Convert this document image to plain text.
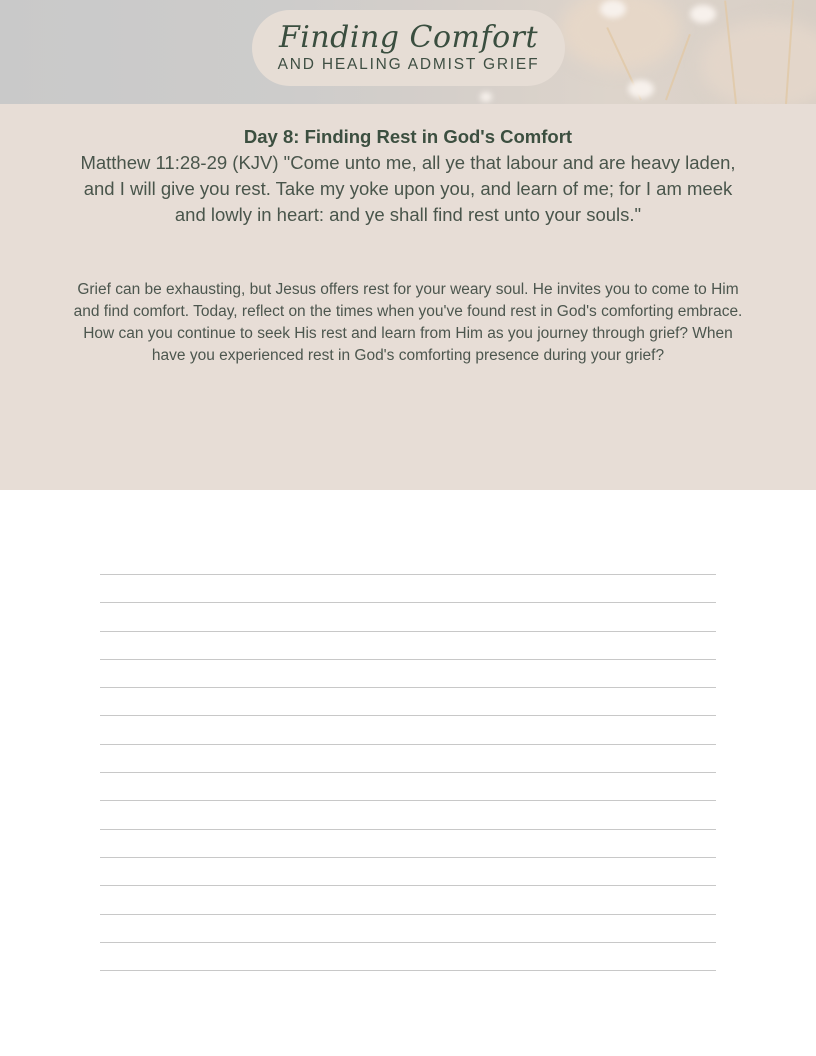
Finding Comfort
AND HEALING ADMIST GRIEF
Day 8: Finding Rest in God's Comfort
Matthew 11:28-29 (KJV) "Come unto me, all ye that labour and are heavy laden, and I will give you rest. Take my yoke upon you, and learn of me; for I am meek and lowly in heart: and ye shall find rest unto your souls."
Grief can be exhausting, but Jesus offers rest for your weary soul. He invites you to come to Him and find comfort. Today, reflect on the times when you've found rest in God's comforting embrace. How can you continue to seek His rest and learn from Him as you journey through grief? When have you experienced rest in God's comforting presence during your grief?
